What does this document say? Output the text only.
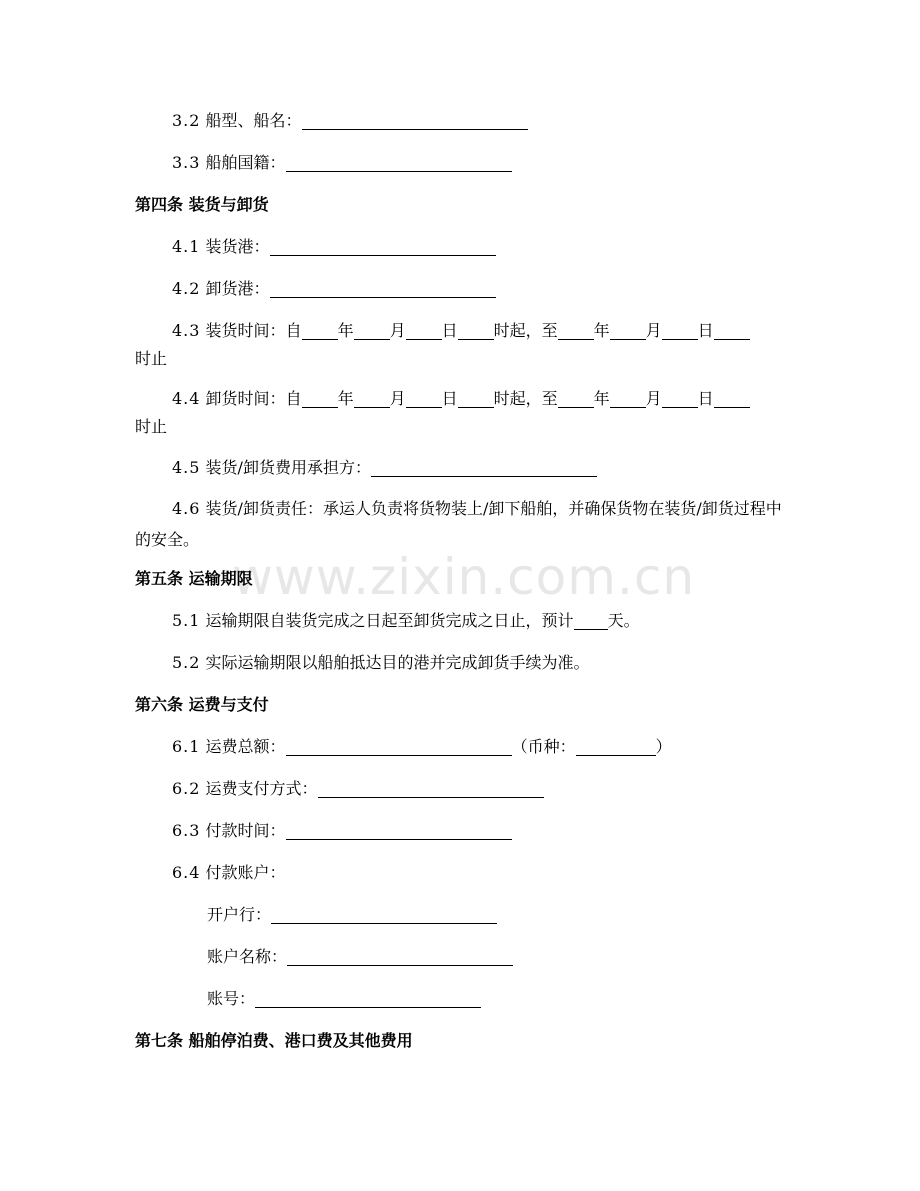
www.zixin.com.cn
3.2 船型、船名：
3.3 船舶国籍：
第四条 装货与卸货
4.1 装货港：
4.2 卸货港：
4.3 装货时间：自 年 月 日 时起，至 年 月 日
时止
4.4 卸货时间：自 年 月 日 时起，至 年 月 日
时止
4.5 装货/卸货费用承担方：
4.6 装货/卸货责任：承运人负责将货物装上/卸下船舶，并确保货物在装货/卸货过程中的安全。
第五条 运输期限
5.1 运输期限自装货完成之日起至卸货完成之日止，预计 天。
5.2 实际运输期限以船舶抵达目的港并完成卸货手续为准。
第六条 运费与支付
6.1 运费总额：	（币种：	）
6.2 运费支付方式：
6.3 付款时间：
6.4 付款账户：
开户行：
账户名称：
账号：
第七条 船舶停泊费、港口费及其他费用
